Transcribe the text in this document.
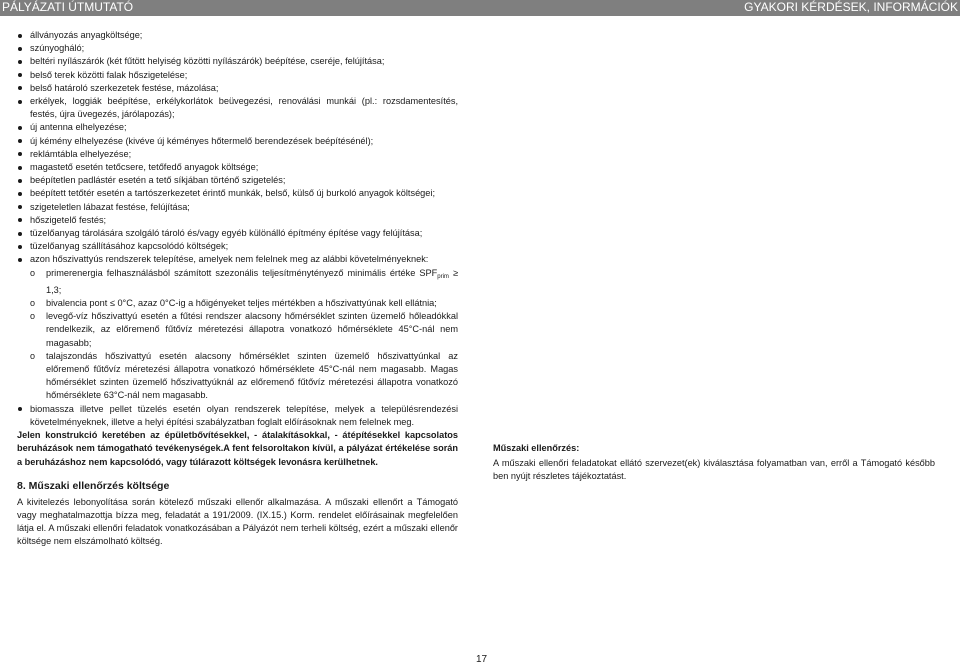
PÁLYÁZATI ÚTMUTATÓ	GYAKORI KÉRDÉSEK, INFORMÁCIÓK
állványozás anyagköltsége;
szúnyogháló;
beltéri nyílászárók (két fűtött helyiség közötti nyílászárók) beépítése, cseréje, felújítása;
belső terek közötti falak hőszigetelése;
belső határoló szerkezetek festése, mázolása;
erkélyek, loggiák beépítése, erkélykorlátok beüvegezési, renoválási munkái (pl.: rozsdamentesítés, festés, újra üvegezés, járólapozás);
új antenna elhelyezése;
új kémény elhelyezése (kivéve új kéményes hőtermelő berendezések beépítésénél);
reklámtábla elhelyezése;
magastető esetén tetőcsere, tetőfedő anyagok költsége;
beépítetlen padlástér esetén a tető síkjában történő szigetelés;
beépített tetőtér esetén a tartószerkezetet érintő munkák, belső, külső új burkoló anyagok költségei;
szigeteletlen lábazat festése, felújítása;
hőszigetelő festés;
tüzelőanyag tárolására szolgáló tároló és/vagy egyéb különálló építmény építése vagy felújítása;
tüzelőanyag szállításához kapcsolódó költségek;
azon hőszivattyús rendszerek telepítése, amelyek nem felelnek meg az alábbi követelményeknek:
o primerenergia felhasználásból számított szezonális teljesítménytényező minimális értéke $SPF_{prim} \ge 1,3$;
o bivalencia pont ≤ 0°C, azaz 0°C-ig a hőigényeket teljes mértékben a hőszivattyúnak kell ellátnia;
o levegő-víz hőszivattyú esetén a fűtési rendszer alacsony hőmérséklet szinten üzemelő hőleadókkal rendelkezik, az előremenő fűtővíz méretezési állapotra vonatkozó hőmérséklete 45°C-nál nem magasabb;
o talajszondás hőszivattyú esetén alacsony hőmérséklet szinten üzemelő hőszivattyúnkal az előremenő fűtővíz méretezési állapotra vonatkozó hőmérséklete 45°C-nál nem magasabb. Magas hőmérséklet szinten üzemelő hőszivattyúknál az előremenő fűtővíz méretezési állapotra vonatkozó hőmérséklete 63°C-nál nem magasabb.
biomassza illetve pellet tüzelés esetén olyan rendszerek telepítése, melyek a településrendezési követelményeknek, illetve a helyi építési szabályzatban foglalt előírásoknak nem felelnek meg.

Jelen konstrukció keretében az épületbővítésekkel, - átalakításokkal, - átépítésekkel kapcsolatos beruházások nem támogatható tevékenységek.A fent felsoroltakon kívül, a pályázat értékelése során a beruházáshoz nem kapcsolódó, vagy túlárazott költségek levonásra kerülhetnek.

8. Műszaki ellenőrzés költsége

A kivitelezés lebonyolítása során kötelező műszaki ellenőr alkalmazása. A műszaki ellenőrt a Támogató vagy meghatalmazottja bízza meg, feladatát a 191/2009. (IX.15.) Korm. rendelet előírásainak megfelelően látja el. A műszaki ellenőri feladatok vonatkozásában a Pályázót nem terheli költség, ezért a műszaki ellenőr költsége nem elszámolható költség.

Műszaki ellenőrzés:
A műszaki ellenőri feladatokat ellátó szervezet(ek) kiválasztása folyamatban van, erről a Támogató később ben nyújt részletes tájékoztatást.
17
